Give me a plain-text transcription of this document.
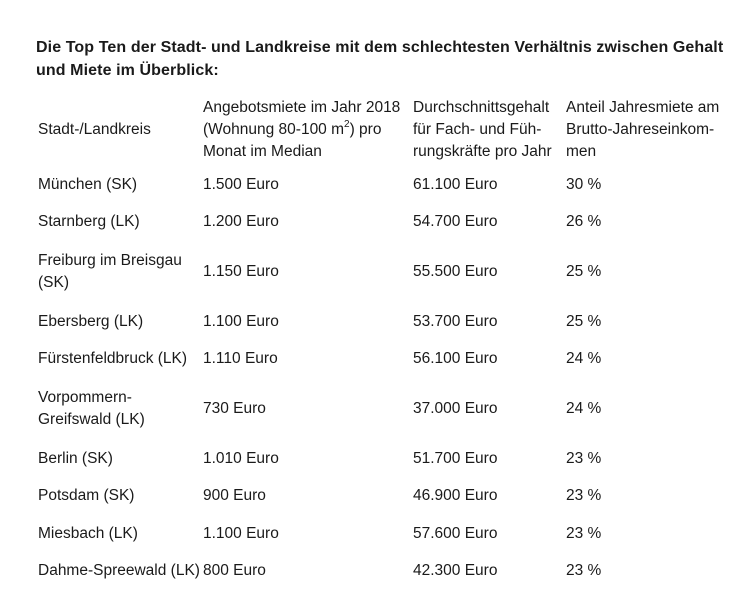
Die Top Ten der Stadt- und Landkreise mit dem schlechtesten Verhältnis zwischen Gehalt
und Miete im Überblick:
Stadt-/Landkreis	Angebotsmiete im Jahr 2018
(Wohnung 80-100 $m^2$) pro
Monat im Median	Durchschnittsgehalt
für Fach- und Füh-
rungskräfte pro Jahr	Anteil Jahresmiete am
Brutto-Jahreseinkom-
men

München (SK)	1.500 Euro	61.100 Euro	30 %
Starnberg (LK)	1.200 Euro	54.700 Euro	26 %
Freiburg im Breisgau
(SK)	1.150 Euro	55.500 Euro	25 %
Ebersberg (LK)	1.100 Euro	53.700 Euro	25 %
Fürstenfeldbruck (LK)	1.110 Euro	56.100 Euro	24 %
Vorpommern-
Greifswald (LK)	730 Euro	37.000 Euro	24 %
Berlin (SK)	1.010 Euro	51.700 Euro	23 %
Potsdam (SK)	900 Euro	46.900 Euro	23 %
Miesbach (LK)	1.100 Euro	57.600 Euro	23 %
Dahme-Spreewald (LK)	800 Euro	42.300 Euro	23 %
